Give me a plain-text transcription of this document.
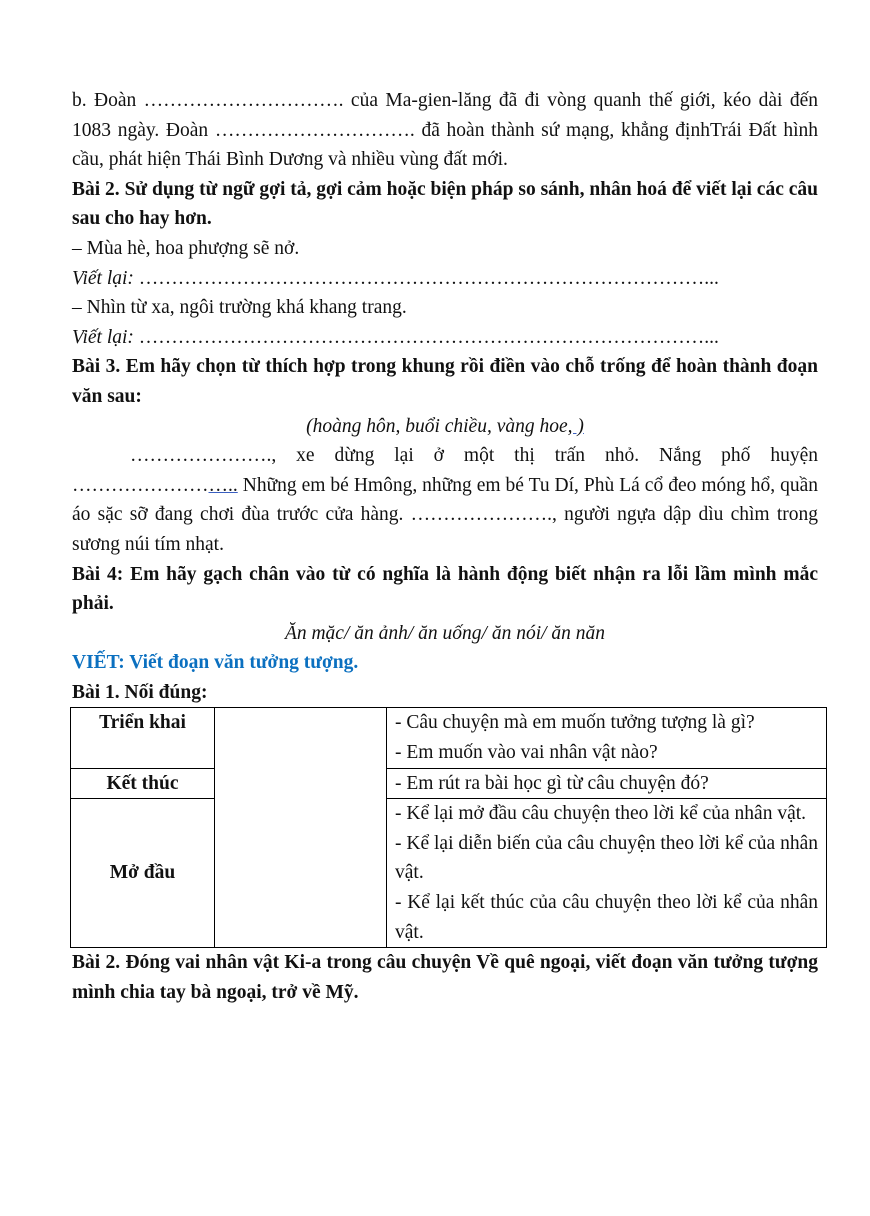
b. Đoàn …………………………. của Ma-gien-lăng đã đi vòng quanh thế giới, kéo dài đến 1083 ngày. Đoàn …………………………. đã hoàn thành sứ mạng, khẳng địnhTrái Đất hình cầu, phát hiện Thái Bình Dương và nhiều vùng đất mới.

Bài 2. Sử dụng từ ngữ gợi tả, gợi cảm hoặc biện pháp so sánh, nhân hoá để viết lại các câu sau cho hay hơn.

– Mùa hè, hoa phượng sẽ nở.

Viết lại: ……………………………………………………………………………...

– Nhìn từ xa, ngôi trường khá khang trang.

Viết lại: ……………………………………………………………………………...

Bài 3. Em hãy chọn từ thích hợp trong khung rồi điền vào chỗ trống để hoàn thành đoạn văn sau:

(hoàng hôn, buổi chiều, vàng hoe, )

…………………., xe dừng lại ở một thị trấn nhỏ. Nắng phố huyện …………………….. Những em bé Hmông, những em bé Tu Dí, Phù Lá cổ đeo móng hổ, quần áo sặc sỡ đang chơi đùa trước cửa hàng. …………………., người ngựa dập dìu chìm trong sương núi tím nhạt.

Bài 4: Em hãy gạch chân vào từ có nghĩa là hành động biết nhận ra lỗi lầm mình mắc phải.

Ăn mặc/ ăn ảnh/ ăn uống/ ăn nói/ ăn năn

VIẾT: Viết đoạn văn tưởng tượng.

Bài 1. Nối đúng:

Triển khai		- Câu chuyện mà em muốn tưởng tượng là gì?
- Em muốn vào vai nhân vật nào?

Kết thúc		- Em rút ra bài học gì từ câu chuyện đó?

Mở đầu		- Kể lại mở đầu câu chuyện theo lời kể của nhân vật.
- Kể lại diễn biến của câu chuyện theo lời kể của nhân vật.
- Kể lại kết thúc của câu chuyện theo lời kể của nhân vật.

Bài 2. Đóng vai nhân vật Ki-a trong câu chuyện Về quê ngoại, viết đoạn văn tưởng tượng mình chia tay bà ngoại, trở về Mỹ.
